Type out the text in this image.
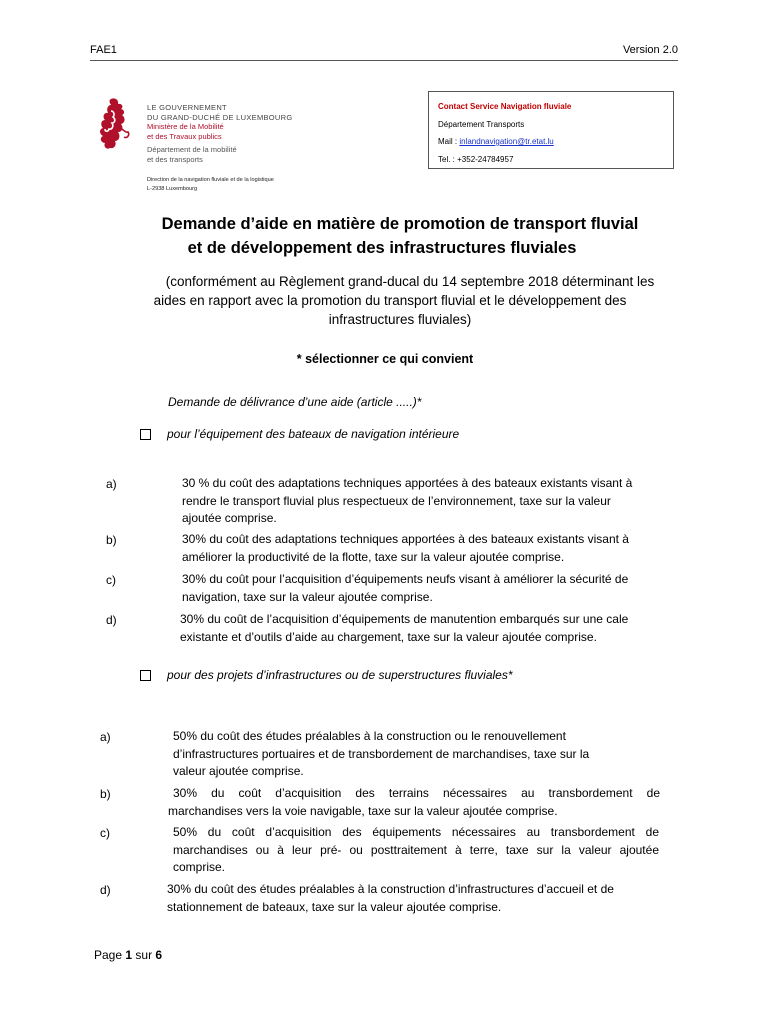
FAE1	Version 2.0
LE GOUVERNEMENT
DU GRAND-DUCHÉ DE LUXEMBOURG
Ministère de la Mobilité
et des Travaux publics
Département de la mobilité
et des transports
Direction de la navigation fluviale et de la logistique
L-2938 Luxembourg
Contact Service Navigation fluviale
Département Transports
Mail : inlandnavigation@tr.etat.lu
Tel. : +352-24784957
Demande d’aide en matière de promotion de transport fluvial
et de développement des infrastructures fluviales
(conformément au Règlement grand-ducal du 14 septembre 2018 déterminant les
aides en rapport avec la promotion du transport fluvial et le développement des
infrastructures fluviales)
* sélectionner ce qui convient
Demande de délivrance d’une aide (article .....)*
pour l’équipement des bateaux de navigation intérieure
a)	30 % du coût des adaptations techniques apportées à des bateaux existants visant à
rendre le transport fluvial plus respectueux de l’environnement, taxe sur la valeur
ajoutée comprise.
b)	30% du coût des adaptations techniques apportées à des bateaux existants visant à
améliorer la productivité de la flotte, taxe sur la valeur ajoutée comprise.
c)	30% du coût pour l’acquisition d’équipements neufs visant à améliorer la sécurité de
navigation, taxe sur la valeur ajoutée comprise.
d)	30% du coût de l’acquisition d’équipements de manutention embarqués sur une cale
existante et d’outils d’aide au chargement, taxe sur la valeur ajoutée comprise.
pour des projets d’infrastructures ou de superstructures fluviales*
a)	50% du coût des études préalables à la construction ou le renouvellement
d’infrastructures portuaires et de transbordement de marchandises, taxe sur la
valeur ajoutée comprise.
b)	30% du coût d’acquisition des terrains nécessaires au transbordement de
marchandises vers la voie navigable, taxe sur la valeur ajoutée comprise.
c)	50% du coût d’acquisition des équipements nécessaires au transbordement de
marchandises ou à leur pré- ou posttraitement à terre, taxe sur la valeur ajoutée
comprise.
d)	30% du coût des études préalables à la construction d’infrastructures d’accueil et de
stationnement de bateaux, taxe sur la valeur ajoutée comprise.
Page 1 sur 6
